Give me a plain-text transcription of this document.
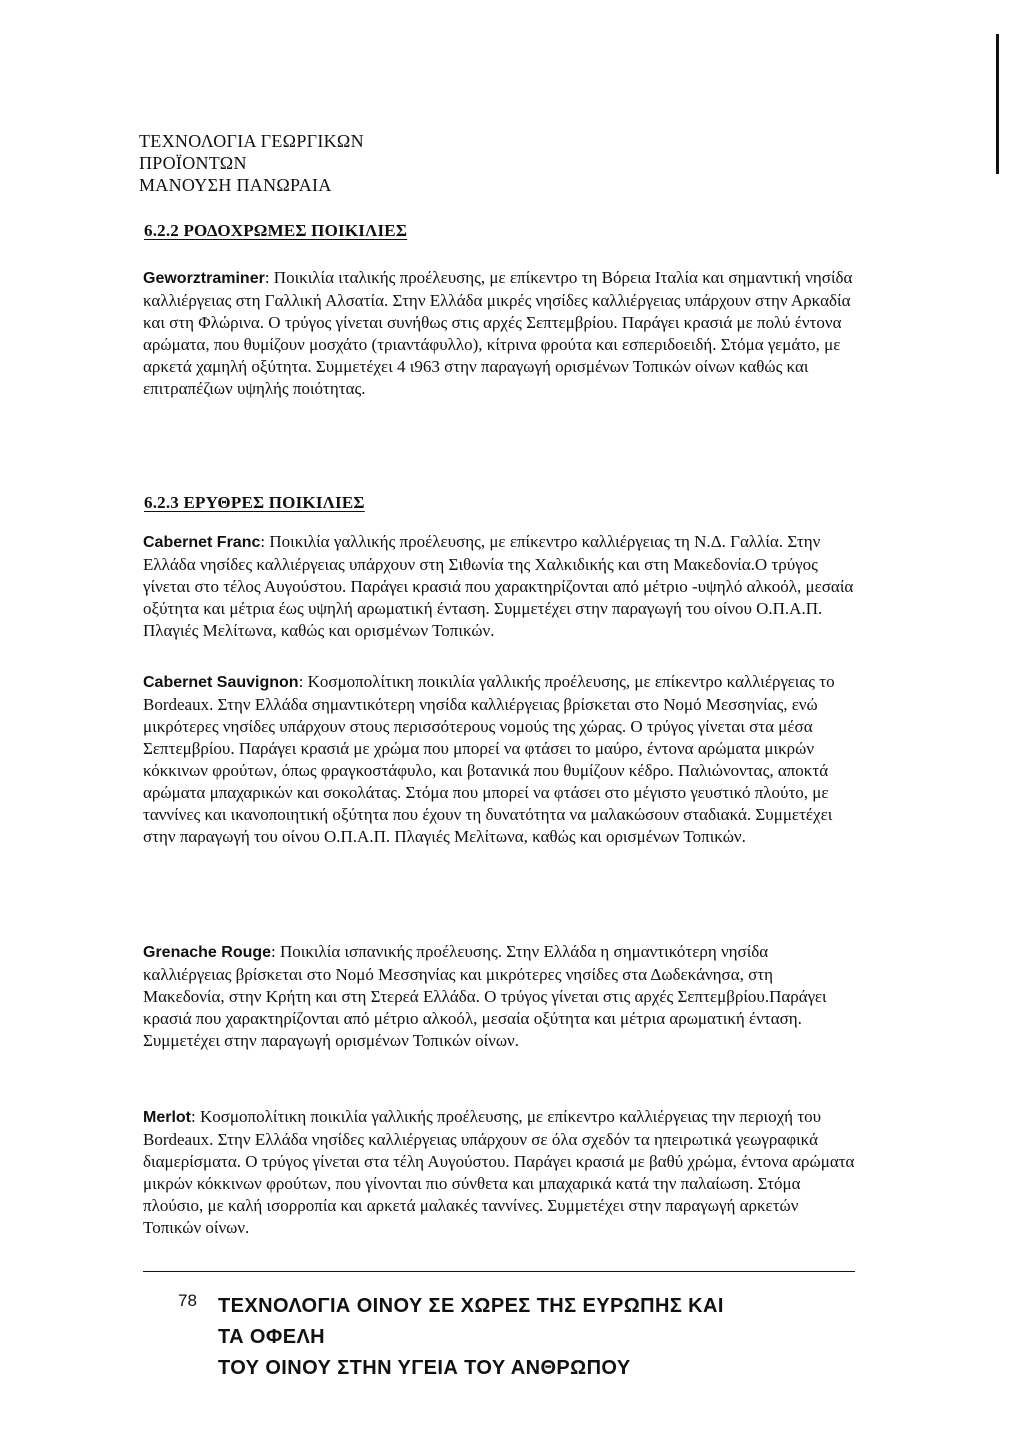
ΤΕΧΝΟΛΟΓΙΑ ΓΕΩΡΓΙΚΩΝ
ΠΡΟΪΟΝΤΩΝ
ΜΑΝΟΥΣΗ ΠΑΝΩΡΑΙΑ
6.2.2 ΡΟΔΟΧΡΩΜΕΣ ΠΟΙΚΙΛΙΕΣ
Geworztraminer: Ποικιλία ιταλικής προέλευσης, με επίκεντρο τη Βόρεια Ιταλία και σημαντική νησίδα καλλιέργειας στη Γαλλική Αλσατία. Στην Ελλάδα μικρές νησίδες καλλιέργειας υπάρχουν στην Αρκαδία και στη Φλώρινα. Ο τρύγος γίνεται συνήθως στις αρχές Σεπτεμβρίου. Παράγει κρασιά με πολύ έντονα αρώματα, που θυμίζουν μοσχάτο (τριαντάφυλλο), κίτρινα φρούτα και εσπεριδοειδή. Στόμα γεμάτο, με αρκετά χαμηλή οξύτητα. Συμμετέχει 4 ι963 στην παραγωγή ορισμένων Τοπικών οίνων καθώς και επιτραπέζιων υψηλής ποιότητας.
6.2.3 ΕΡΥΘΡΕΣ ΠΟΙΚΙΛΙΕΣ
Cabernet Franc: Ποικιλία γαλλικής προέλευσης, με επίκεντρο καλλιέργειας τη Ν.Δ. Γαλλία. Στην Ελλάδα νησίδες καλλιέργειας υπάρχουν στη Σιθωνία της Χαλκιδικής και στη Μακεδονία.Ο τρύγος γίνεται στο τέλος Αυγούστου. Παράγει κρασιά που χαρακτηρίζονται από μέτριο -υψηλό αλκοόλ, μεσαία οξύτητα και μέτρια έως υψηλή αρωματική ένταση. Συμμετέχει στην παραγωγή του οίνου Ο.Π.Α.Π. Πλαγιές Μελίτωνα, καθώς και ορισμένων Τοπικών.
Cabernet Sauvignon: Κοσμοπολίτικη ποικιλία γαλλικής προέλευσης, με επίκεντρο καλλιέργειας το Bordeaux. Στην Ελλάδα σημαντικότερη νησίδα καλλιέργειας βρίσκεται στο Νομό Μεσσηνίας, ενώ μικρότερες νησίδες υπάρχουν στους περισσότερους νομούς της χώρας. Ο τρύγος γίνεται στα μέσα Σεπτεμβρίου. Παράγει κρασιά με χρώμα που μπορεί να φτάσει το μαύρο, έντονα αρώματα μικρών κόκκινων φρούτων, όπως φραγκοστάφυλο, και βοτανικά που θυμίζουν κέδρο. Παλιώνοντας, αποκτά αρώματα μπαχαρικών και σοκολάτας. Στόμα που μπορεί να φτάσει στο μέγιστο γευστικό πλούτο, με ταννίνες και ικανοποιητική οξύτητα που έχουν τη δυνατότητα να μαλακώσουν σταδιακά. Συμμετέχει στην παραγωγή του οίνου Ο.Π.Α.Π. Πλαγιές Μελίτωνα, καθώς και ορισμένων Τοπικών.
Grenache Rouge: Ποικιλία ισπανικής προέλευσης. Στην Ελλάδα η σημαντικότερη νησίδα καλλιέργειας βρίσκεται στο Νομό Μεσσηνίας και μικρότερες νησίδες στα Δωδεκάνησα, στη Μακεδονία, στην Κρήτη και στη Στερεά Ελλάδα. Ο τρύγος γίνεται στις αρχές Σεπτεμβρίου.Παράγει κρασιά που χαρακτηρίζονται από μέτριο αλκοόλ, μεσαία οξύτητα και μέτρια αρωματική ένταση. Συμμετέχει στην παραγωγή ορισμένων Τοπικών οίνων.
Merlot: Κοσμοπολίτικη ποικιλία γαλλικής προέλευσης, με επίκεντρο καλλιέργειας την περιοχή του Bordeaux. Στην Ελλάδα νησίδες καλλιέργειας υπάρχουν σε όλα σχεδόν τα ηπειρωτικά γεωγραφικά διαμερίσματα. Ο τρύγος γίνεται στα τέλη Αυγούστου. Παράγει κρασιά με βαθύ χρώμα, έντονα αρώματα μικρών κόκκινων φρούτων, που γίνονται πιο σύνθετα και μπαχαρικά κατά την παλαίωση. Στόμα πλούσιο, με καλή ισορροπία και αρκετά μαλακές ταννίνες. Συμμετέχει στην παραγωγή αρκετών Τοπικών οίνων.
78 ΤΕΧΝΟΛΟΓΙΑ ΟΙΝΟΥ ΣΕ ΧΩΡΕΣ ΤΗΣ ΕΥΡΩΠΗΣ ΚΑΙ
ΤΑ ΟΦΕΛΗ
ΤΟΥ ΟΙΝΟΥ ΣΤΗΝ ΥΓΕΙΑ ΤΟΥ ΑΝΘΡΩΠΟΥ
